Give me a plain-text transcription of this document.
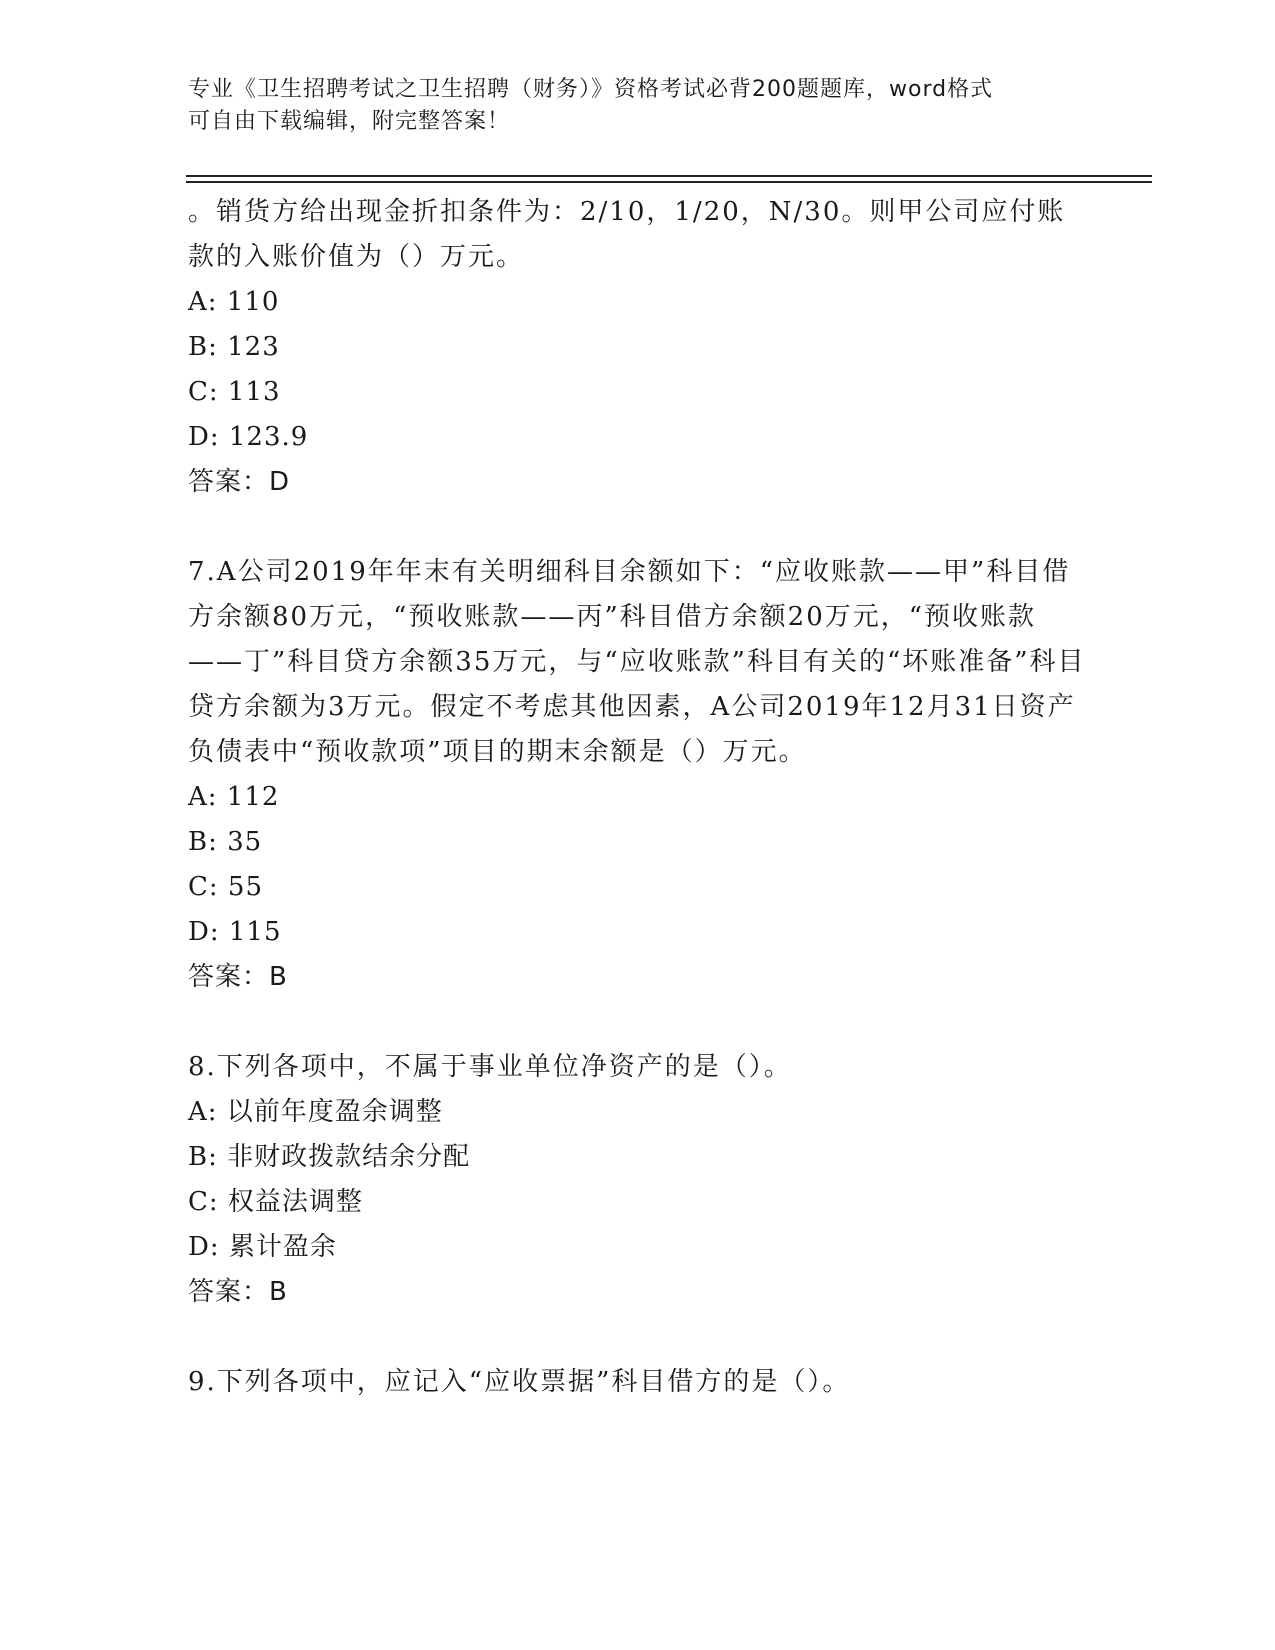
专业《卫生招聘考试之卫生招聘（财务）》资格考试必背200题题库，word格式
可自由下载编辑，附完整答案！
。销货方给出现金折扣条件为：2/10，1/20，N/30。则甲公司应付账款的入账价值为（）万元。
A: 110
B: 123
C: 113
D: 123.9
答案：D
7.A公司2019年年末有关明细科目余额如下：“应收账款——甲”科目借方余额80万元，“预收账款——丙”科目借方余额20万元，“预收账款——丁”科目贷方余额35万元，与“应收账款”科目有关的“坏账准备”科目贷方余额为3万元。假定不考虑其他因素，A公司2019年12月31日资产负债表中“预收款项”项目的期末余额是（）万元。
A: 112
B: 35
C: 55
D: 115
答案：B
8.下列各项中，不属于事业单位净资产的是（）。
A: 以前年度盈余调整
B: 非财政拨款结余分配
C: 权益法调整
D: 累计盈余
答案：B
9.下列各项中，应记入“应收票据”科目借方的是（）。
